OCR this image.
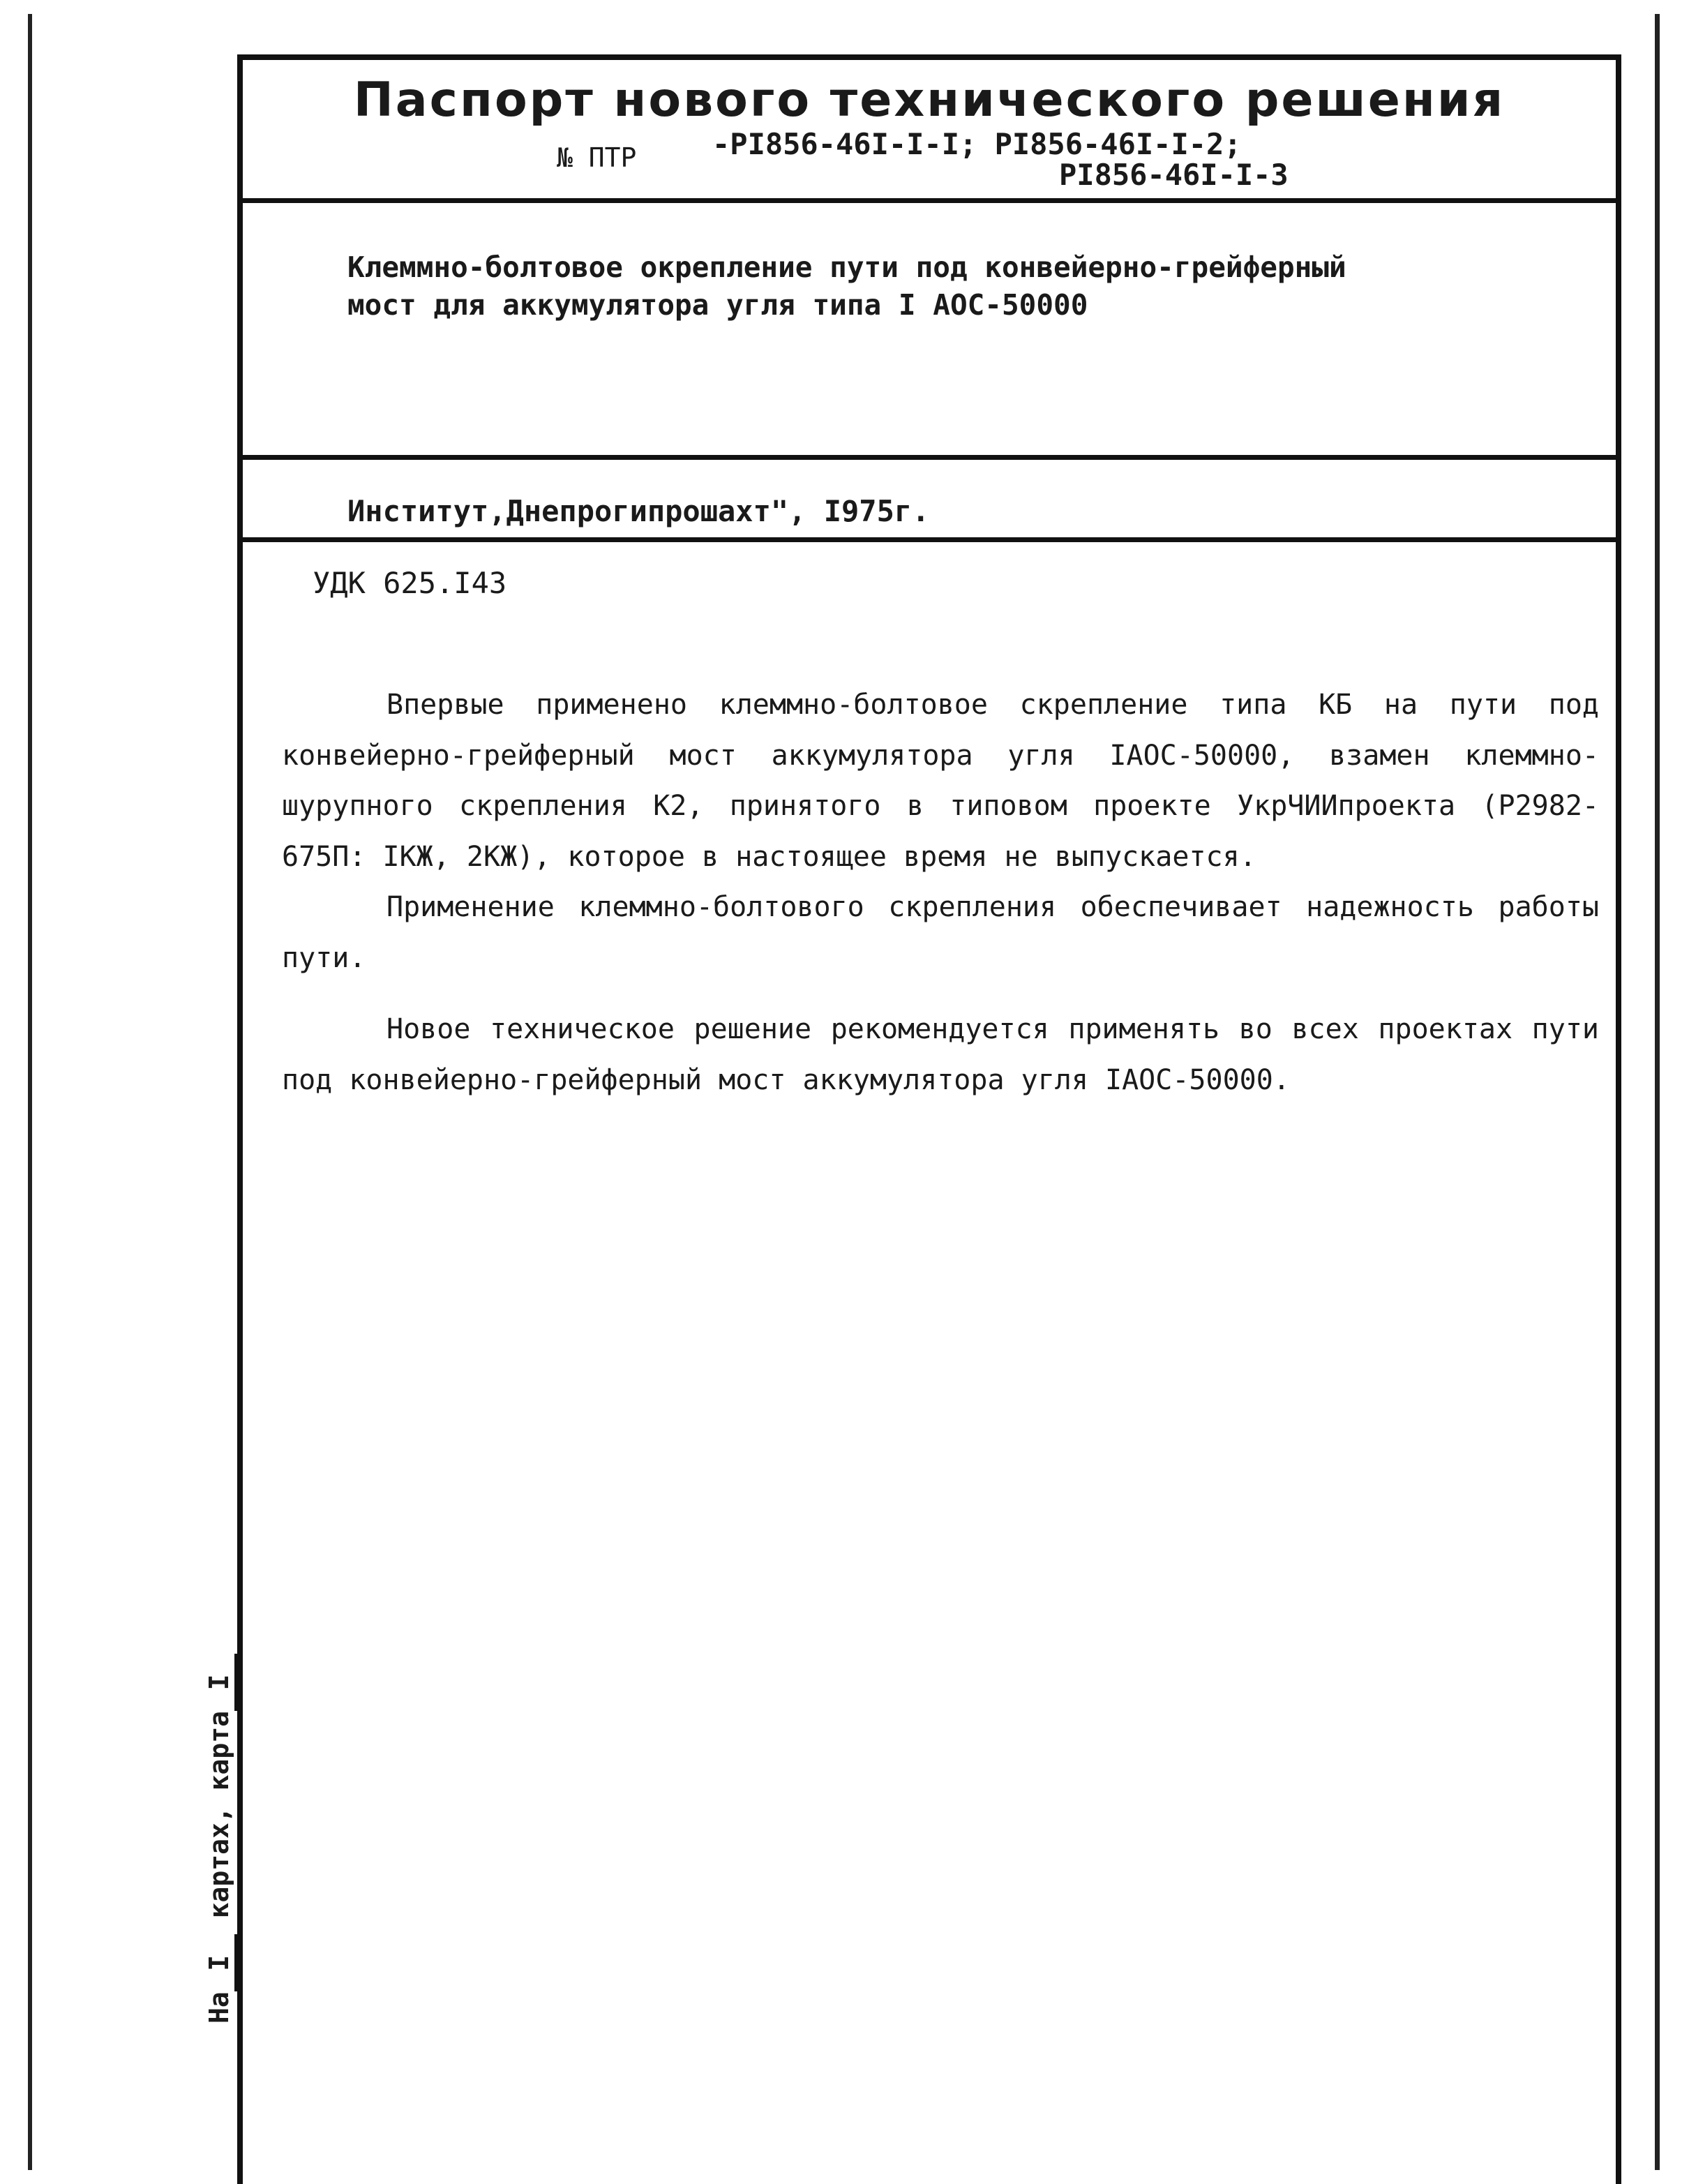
Паспорт нового технического решения
№ ПТР	-PI856-46I-I-I; PI856-46I-I-2;
PI856-46I-I-3
Клеммно-болтовое окрепление пути под конвейерно-грейферный
мост для аккумулятора угля типа I АОС-50000
Институт,Днепрогипрошахт", I975г.
УДК 625.I43

Впервые применено клеммно-болтовое скрепление типа КБ на пути под конвейерно-грейферный мост аккумулятора угля IАОС-50000, взамен клеммно-шурупного скрепления К2, принятого в типовом проекте УкрЧИИпроекта (Р2982-675П: IКЖ, 2КЖ), которое в настоящее время не выпускается.

Применение клеммно-болтового скрепления обеспечивает надежность работы пути.

Новое техническое решение рекомендуется применять во всех проектах пути под конвейерно-грейферный мост аккумулятора угля IАОС-50000.

НаI картах, картаI
